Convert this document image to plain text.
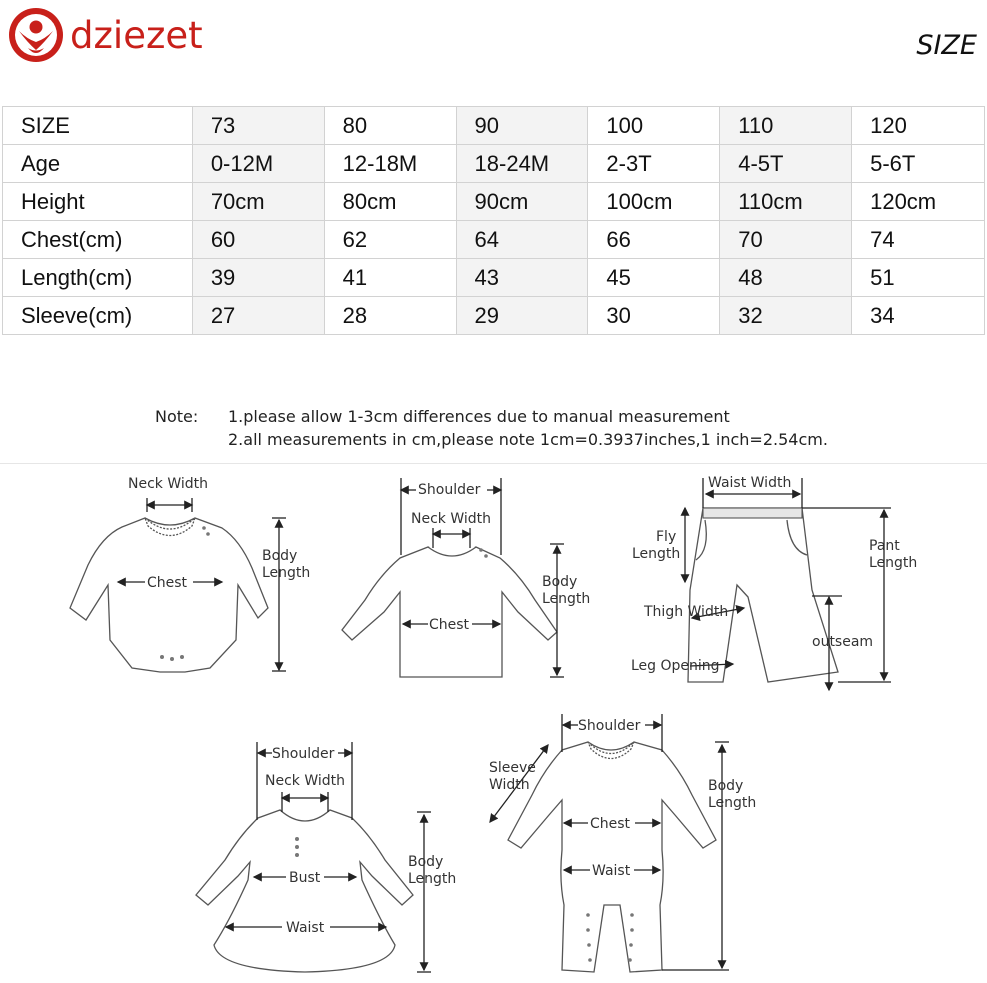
dziezet	SIZE
SIZE	73	80	90	100	110	120
Age	0-12M	12-18M	18-24M	2-3T	4-5T	5-6T
Height	70cm	80cm	90cm	100cm	110cm	120cm
Chest(cm)	60	62	64	66	70	74
Length(cm)	39	41	43	45	48	51
Sleeve(cm)	27	28	29	30	32	34
Note: 1.please allow 1-3cm differences due to manual measurement
2.all measurements in cm,please note 1cm=0.3937inches,1 inch=2.54cm.
Neck Width
Chest
Body
Length
Shoulder
Neck Width
Chest
Body
Length
Waist Width
Fly
Length	Pant
Length
Thigh Width
outseam
Leg Opening
Shoulder
Neck Width
Bust
Waist
Body
Length
Shoulder
Sleeve
Width
Chest
Waist
Body
Length
